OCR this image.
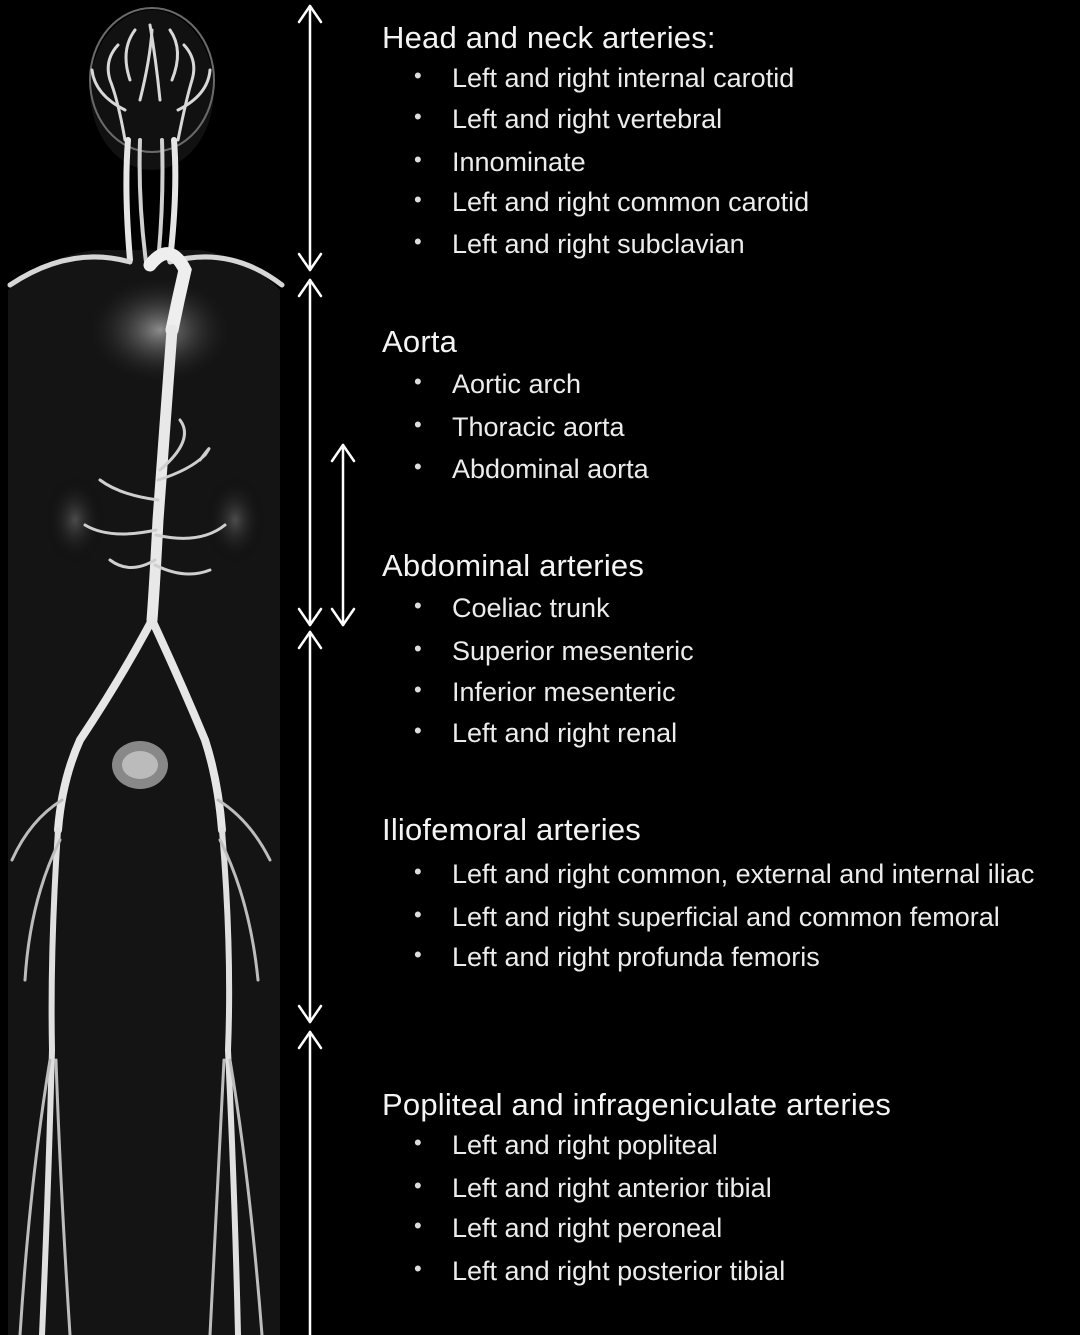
Head and neck arteries:
• Left and right internal carotid
• Left and right vertebral
• Innominate
• Left and right common carotid
• Left and right subclavian
Aorta
• Aortic arch
• Thoracic aorta
• Abdominal aorta
Abdominal arteries
• Coeliac trunk
• Superior mesenteric
• Inferior mesenteric
• Left and right renal
Iliofemoral arteries
• Left and right common, external and internal iliac
• Left and right superficial and common femoral
• Left and right profunda femoris
Popliteal and infrageniculate arteries
• Left and right popliteal
• Left and right anterior tibial
• Left and right peroneal
• Left and right posterior tibial
